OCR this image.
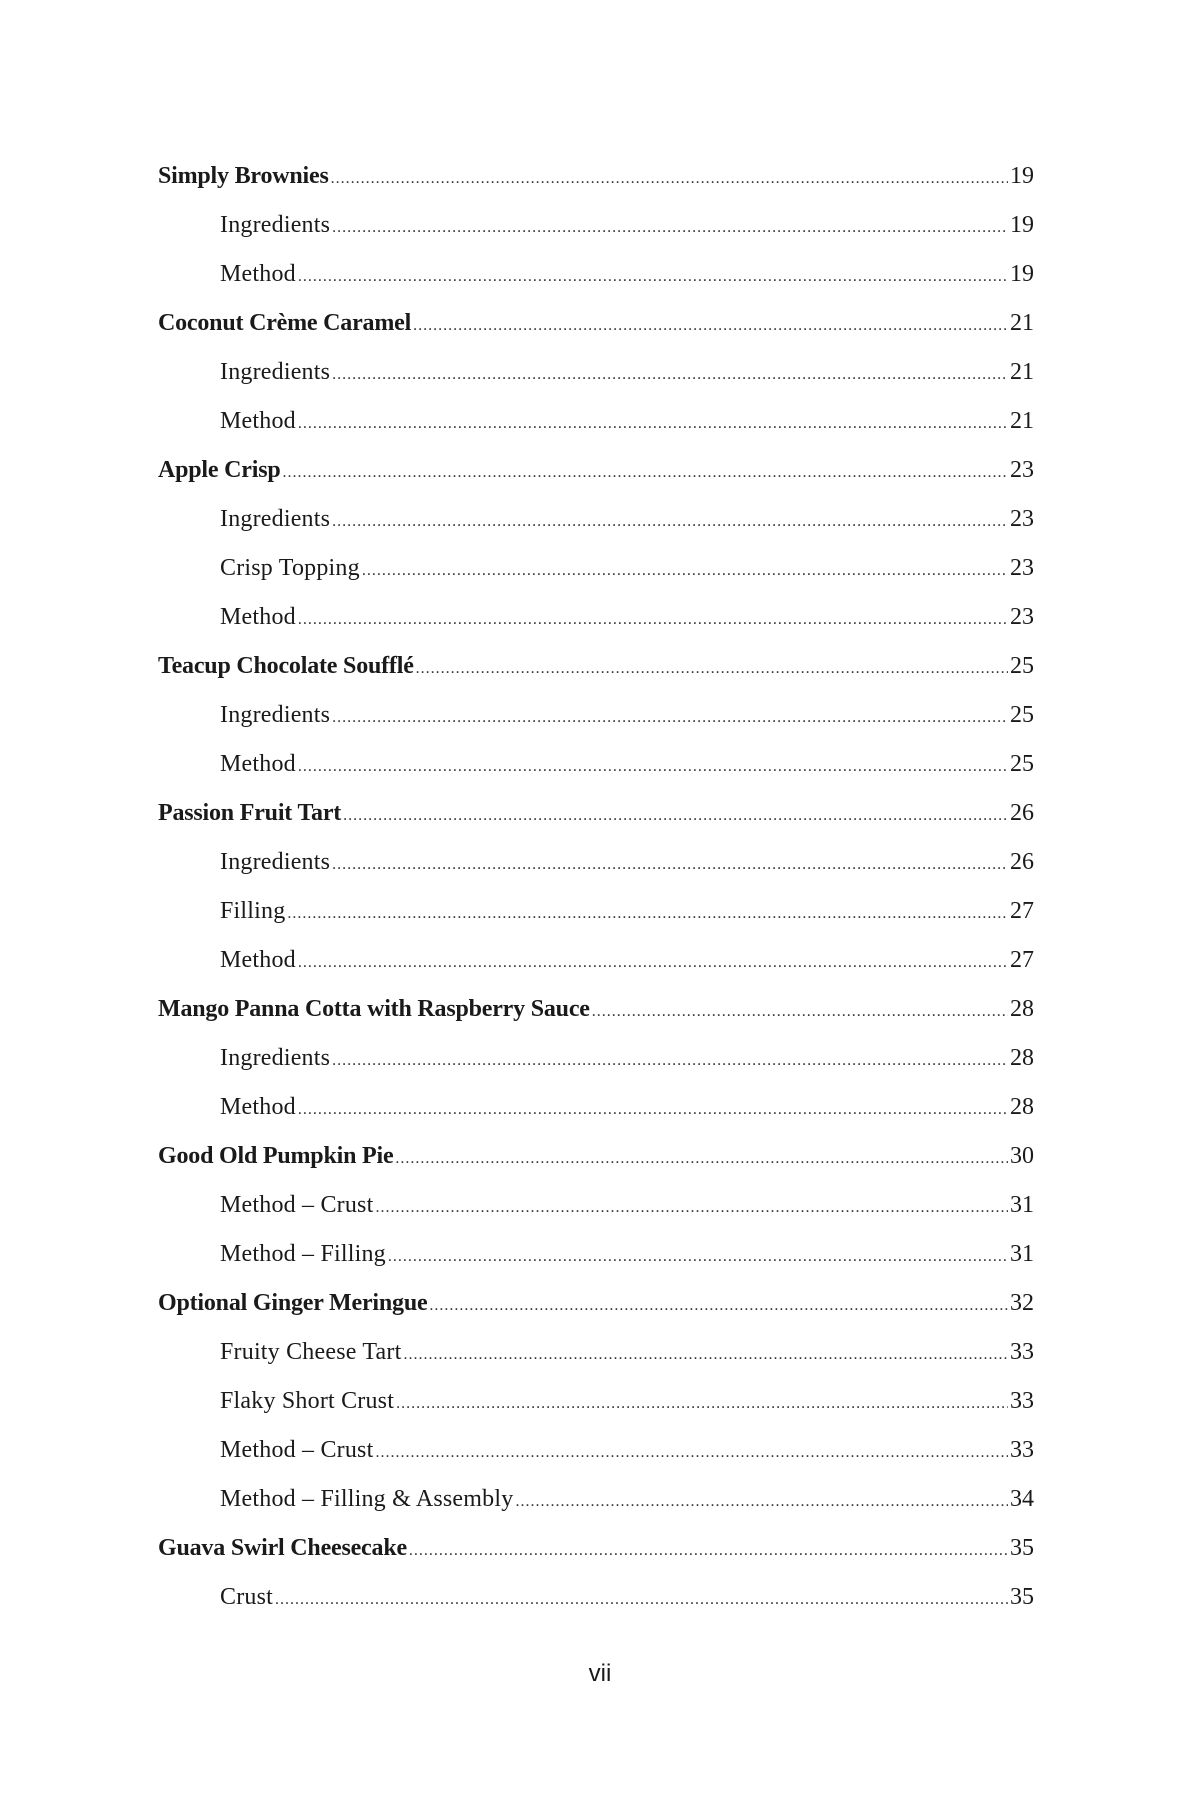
Simply Brownies .....	19
Ingredients .....	19
Method .....	19
Coconut Crème Caramel .....	21
Ingredients .....	21
Method .....	21
Apple Crisp .....	23
Ingredients .....	23
Crisp Topping .....	23
Method .....	23
Teacup Chocolate Soufflé .....	25
Ingredients .....	25
Method .....	25
Passion Fruit Tart .....	26
Ingredients .....	26
Filling .....	27
Method .....	27
Mango Panna Cotta with Raspberry Sauce .....	28
Ingredients .....	28
Method .....	28
Good Old Pumpkin Pie .....	30
Method – Crust .....	31
Method – Filling .....	31
Optional Ginger Meringue .....	32
Fruity Cheese Tart .....	33
Flaky Short Crust .....	33
Method – Crust .....	33
Method – Filling & Assembly .....	34
Guava Swirl Cheesecake .....	35
Crust .....	35
vii
